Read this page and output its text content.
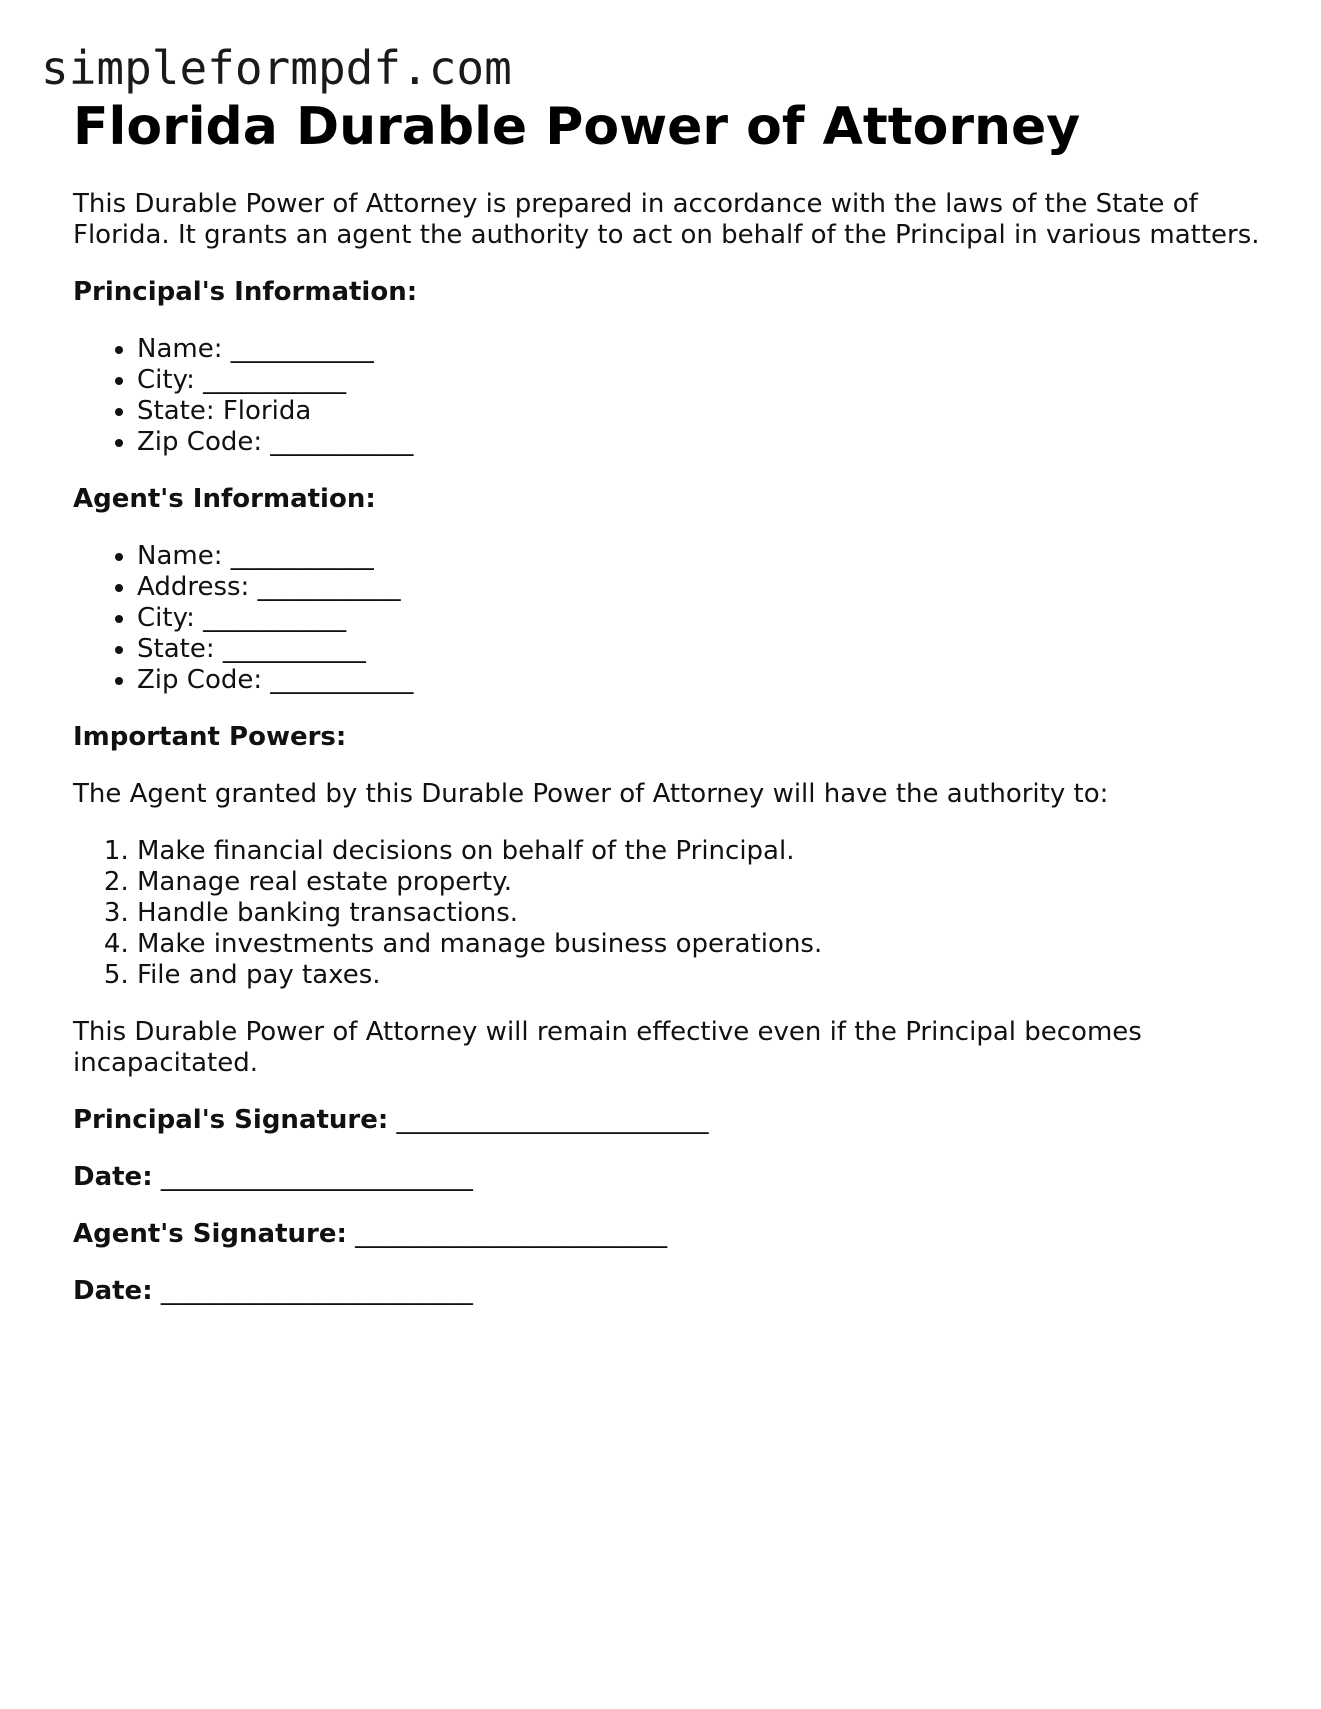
simpleformpdf.com
Florida Durable Power of Attorney

This Durable Power of Attorney is prepared in accordance with the laws of the State of Florida. It grants an agent the authority to act on behalf of the Principal in various matters.

Principal's Information:
• Name: ___________
• City: ___________
• State: Florida
• Zip Code: ___________
Agent's Information:
• Name: ___________
• Address: ___________
• City: ___________
• State: ___________
• Zip Code: ___________
Important Powers:

The Agent granted by this Durable Power of Attorney will have the authority to:

1. Make financial decisions on behalf of the Principal.
2. Manage real estate property.
3. Handle banking transactions.
4. Make investments and manage business operations.
5. File and pay taxes.

This Durable Power of Attorney will remain effective even if the Principal becomes incapacitated.

Principal's Signature: ________________________
Date: ________________________
Agent's Signature: ________________________
Date: ________________________
